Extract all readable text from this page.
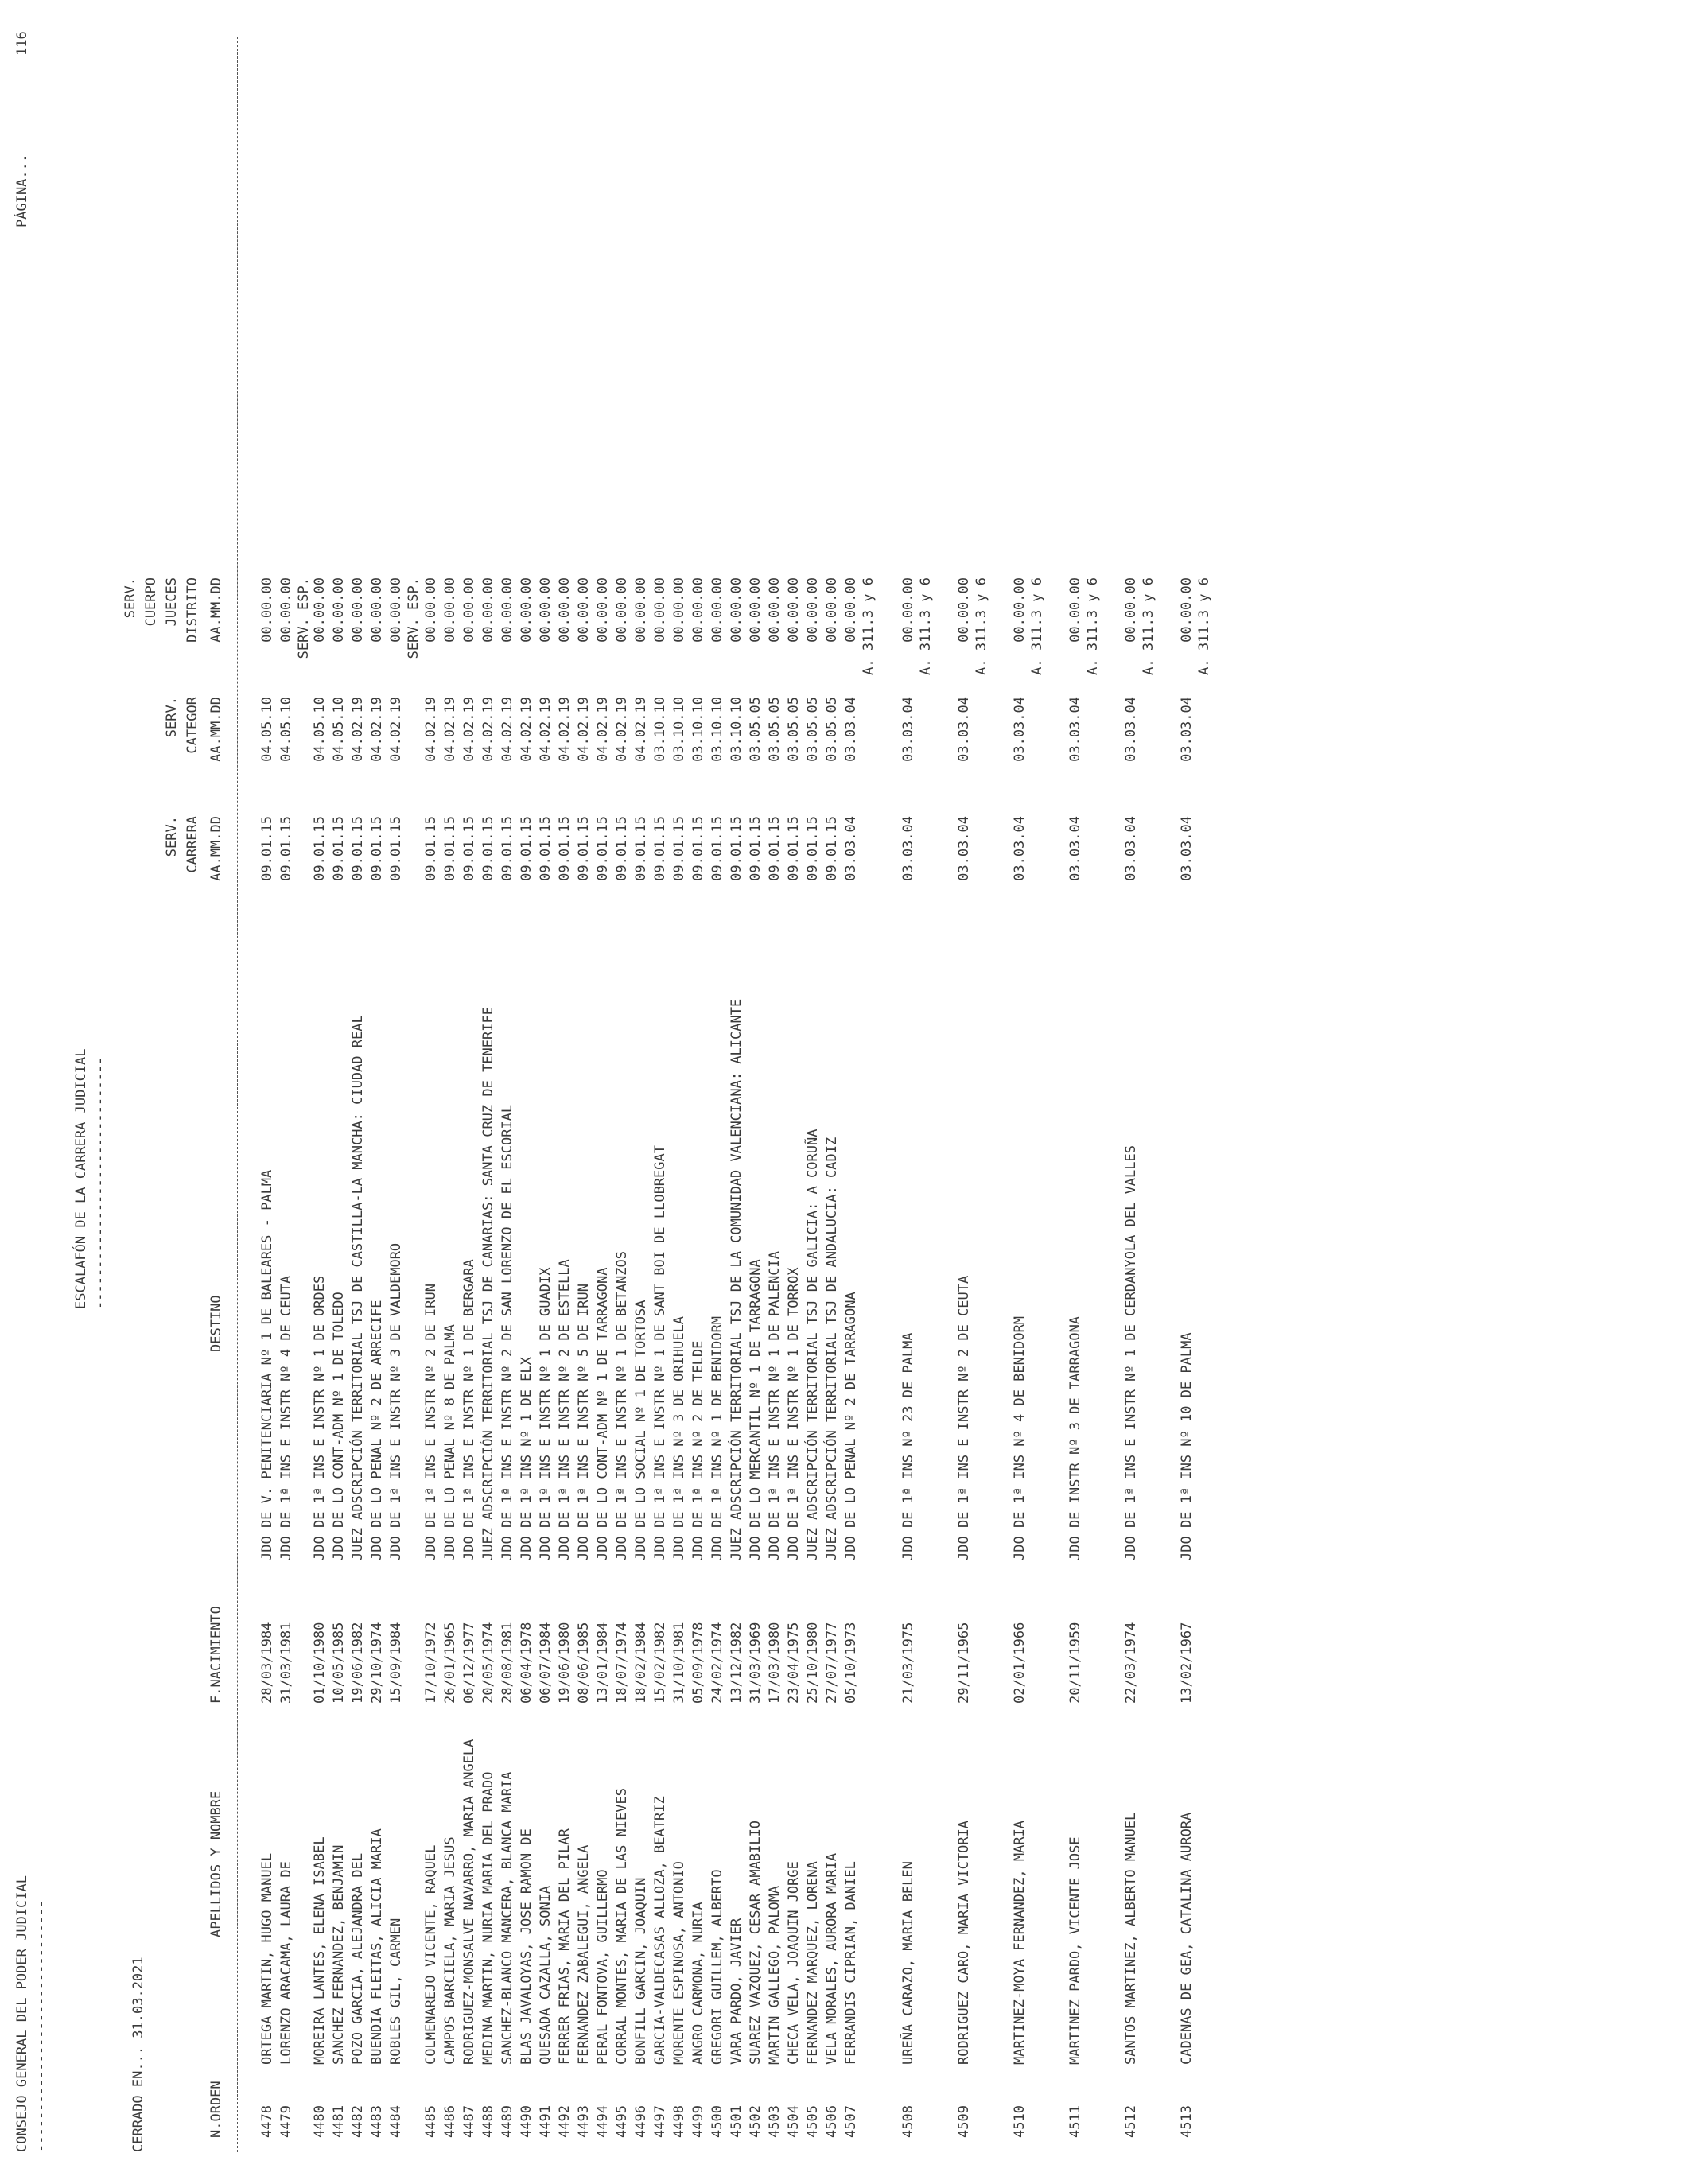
CONSEJO GENERAL DEL PODER JUDICIAL -------------------------------
ESCALAFÓN DE LA CARRERA JUDICIAL -------------------------------
PÁGINA...
116
CERRADO EN... 31.03.2021
SERV. CUERPO
SERV.
SERV.
JUECES
CARRERA
CATEGOR
DISTRITO
N.ORDEN
APELLIDOS Y NOMBRE
F.NACIMIENTO
DESTINO
AA.MM.DD
AA.MM.DD
AA.MM.DD
4478
ORTEGA MARTIN, HUGO MANUEL
28/03/1984
JDO DE V. PENITENCIARIA Nº 1 DE BALEARES - PALMA
09.01.15
04.05.10
00.00.00
4479
LORENZO ARACAMA, LAURA DE
31/03/1981
JDO DE 1ª INS E INSTR Nº 4 DE CEUTA
09.01.15
04.05.10
00.00.00 SERV. ESP.
4480
MOREIRA LANTES, ELENA ISABEL
01/10/1980
JDO DE 1ª INS E INSTR Nº 1 DE ORDES
09.01.15
04.05.10
00.00.00
4481
SANCHEZ FERNANDEZ, BENJAMIN
10/05/1985
JDO DE LO CONT-ADM Nº 1 DE TOLEDO
09.01.15
04.05.10
00.00.00
4482
POZO GARCIA, ALEJANDRA DEL
19/06/1982
JUEZ ADSCRIPCIÓN TERRITORIAL TSJ DE CASTILLA-LA MANCHA: CIUDAD REAL
09.01.15
04.02.19
00.00.00
4483
BUENDIA FLEITAS, ALICIA MARIA
29/10/1974
JDO DE LO PENAL Nº 2 DE ARRECIFE
09.01.15
04.02.19
00.00.00
4484
ROBLES GIL, CARMEN
15/09/1984
JDO DE 1ª INS E INSTR Nº 3 DE VALDEMORO
09.01.15
04.02.19
00.00.00 SERV. ESP.
4485
COLMENAREJO VICENTE, RAQUEL
17/10/1972
JDO DE 1ª INS E INSTR Nº 2 DE IRUN
09.01.15
04.02.19
00.00.00
4486
CAMPOS BARCIELA, MARIA JESUS
26/01/1965
JDO DE LO PENAL Nº 8 DE PALMA
09.01.15
04.02.19
00.00.00
4487
RODRIGUEZ-MONSALVE NAVARRO, MARIA ANGELA
06/12/1977
JDO DE 1ª INS E INSTR Nº 1 DE BERGARA
09.01.15
04.02.19
00.00.00
4488
MEDINA MARTIN, NURIA MARIA DEL PRADO
20/05/1974
JUEZ ADSCRIPCIÓN TERRITORIAL TSJ DE CANARIAS: SANTA CRUZ DE TENERIFE
09.01.15
04.02.19
00.00.00
4489
SANCHEZ-BLANCO MANCERA, BLANCA MARIA
28/08/1981
JDO DE 1ª INS E INSTR Nº 2 DE SAN LORENZO DE EL ESCORIAL
09.01.15
04.02.19
00.00.00
4490
BLAS JAVALOYAS, JOSE RAMON DE
06/04/1978
JDO DE 1ª INS Nº 1 DE ELX
09.01.15
04.02.19
00.00.00
4491
QUESADA CAZALLA, SONIA
06/07/1984
JDO DE 1ª INS E INSTR Nº 1 DE GUADIX
09.01.15
04.02.19
00.00.00
4492
FERRER FRIAS, MARIA DEL PILAR
19/06/1980
JDO DE 1ª INS E INSTR Nº 2 DE ESTELLA
09.01.15
04.02.19
00.00.00
4493
FERNANDEZ ZABALEGUI, ANGELA
08/06/1985
JDO DE 1ª INS E INSTR Nº 5 DE IRUN
09.01.15
04.02.19
00.00.00
4494
PERAL FONTOVA, GUILLERMO
13/01/1984
JDO DE LO CONT-ADM Nº 1 DE TARRAGONA
09.01.15
04.02.19
00.00.00
4495
CORRAL MONTES, MARIA DE LAS NIEVES
18/07/1974
JDO DE 1ª INS E INSTR Nº 1 DE BETANZOS
09.01.15
04.02.19
00.00.00
4496
BONFILL GARCIN, JOAQUIN
18/02/1984
JDO DE LO SOCIAL Nº 1 DE TORTOSA
09.01.15
04.02.19
00.00.00
4497
GARCIA-VALDECASAS ALLOZA, BEATRIZ
15/02/1982
JDO DE 1ª INS E INSTR Nº 1 DE SANT BOI DE LLOBREGAT
09.01.15
03.10.10
00.00.00
4498
MORENTE ESPINOSA, ANTONIO
31/10/1981
JDO DE 1ª INS Nº 3 DE ORIHUELA
09.01.15
03.10.10
00.00.00
4499
ANGRO CARMONA, NURIA
05/09/1978
JDO DE 1ª INS Nº 2 DE TELDE
09.01.15
03.10.10
00.00.00
4500
GREGORI GUILLEM, ALBERTO
24/02/1974
JDO DE 1ª INS Nº 1 DE BENIDORM
09.01.15
03.10.10
00.00.00
4501
VARA PARDO, JAVIER
13/12/1982
JUEZ ADSCRIPCIÓN TERRITORIAL TSJ DE LA COMUNIDAD VALENCIANA: ALICANTE
09.01.15
03.10.10
00.00.00
4502
SUAREZ VAZQUEZ, CESAR AMABILIO
31/03/1969
JDO DE LO MERCANTIL Nº 1 DE TARRAGONA
09.01.15
03.05.05
00.00.00
4503
MARTIN GALLEGO, PALOMA
17/03/1980
JDO DE 1ª INS E INSTR Nº 1 DE PALENCIA
09.01.15
03.05.05
00.00.00
4504
CHECA VELA, JOAQUIN JORGE
23/04/1975
JDO DE 1ª INS E INSTR Nº 1 DE TORROX
09.01.15
03.05.05
00.00.00
4505
FERNANDEZ MARQUEZ, LORENA
25/10/1980
JUEZ ADSCRIPCIÓN TERRITORIAL TSJ DE GALICIA: A CORUÑA
09.01.15
03.05.05
00.00.00
4506
VELA MORALES, AURORA MARIA
27/07/1977
JUEZ ADSCRIPCIÓN TERRITORIAL TSJ DE ANDALUCIA: CADIZ
09.01.15
03.05.05
00.00.00
4507
FERRANDIS CIPRIAN, DANIEL
05/10/1973
JDO DE LO PENAL Nº 2 DE TARRAGONA
03.03.04
03.03.04
00.00.00 A. 311.3 y 6
4508
UREÑA CARAZO, MARIA BELEN
21/03/1975
JDO DE 1ª INS Nº 23 DE PALMA
03.03.04
03.03.04
00.00.00 A. 311.3 y 6
4509
RODRIGUEZ CARO, MARIA VICTORIA
29/11/1965
JDO DE 1ª INS E INSTR Nº 2 DE CEUTA
03.03.04
03.03.04
00.00.00 A. 311.3 y 6
4510
MARTINEZ-MOYA FERNANDEZ, MARIA
02/01/1966
JDO DE 1ª INS Nº 4 DE BENIDORM
03.03.04
03.03.04
00.00.00 A. 311.3 y 6
4511
MARTINEZ PARDO, VICENTE JOSE
20/11/1959
JDO DE INSTR Nº 3 DE TARRAGONA
03.03.04
03.03.04
00.00.00 A. 311.3 y 6
4512
SANTOS MARTINEZ, ALBERTO MANUEL
22/03/1974
JDO DE 1ª INS E INSTR Nº 1 DE CERDANYOLA DEL VALLES
03.03.04
03.03.04
00.00.00 A. 311.3 y 6
4513
CADENAS DE GEA, CATALINA AURORA
13/02/1967
JDO DE 1ª INS Nº 10 DE PALMA
03.03.04
03.03.04
00.00.00 A. 311.3 y 6
